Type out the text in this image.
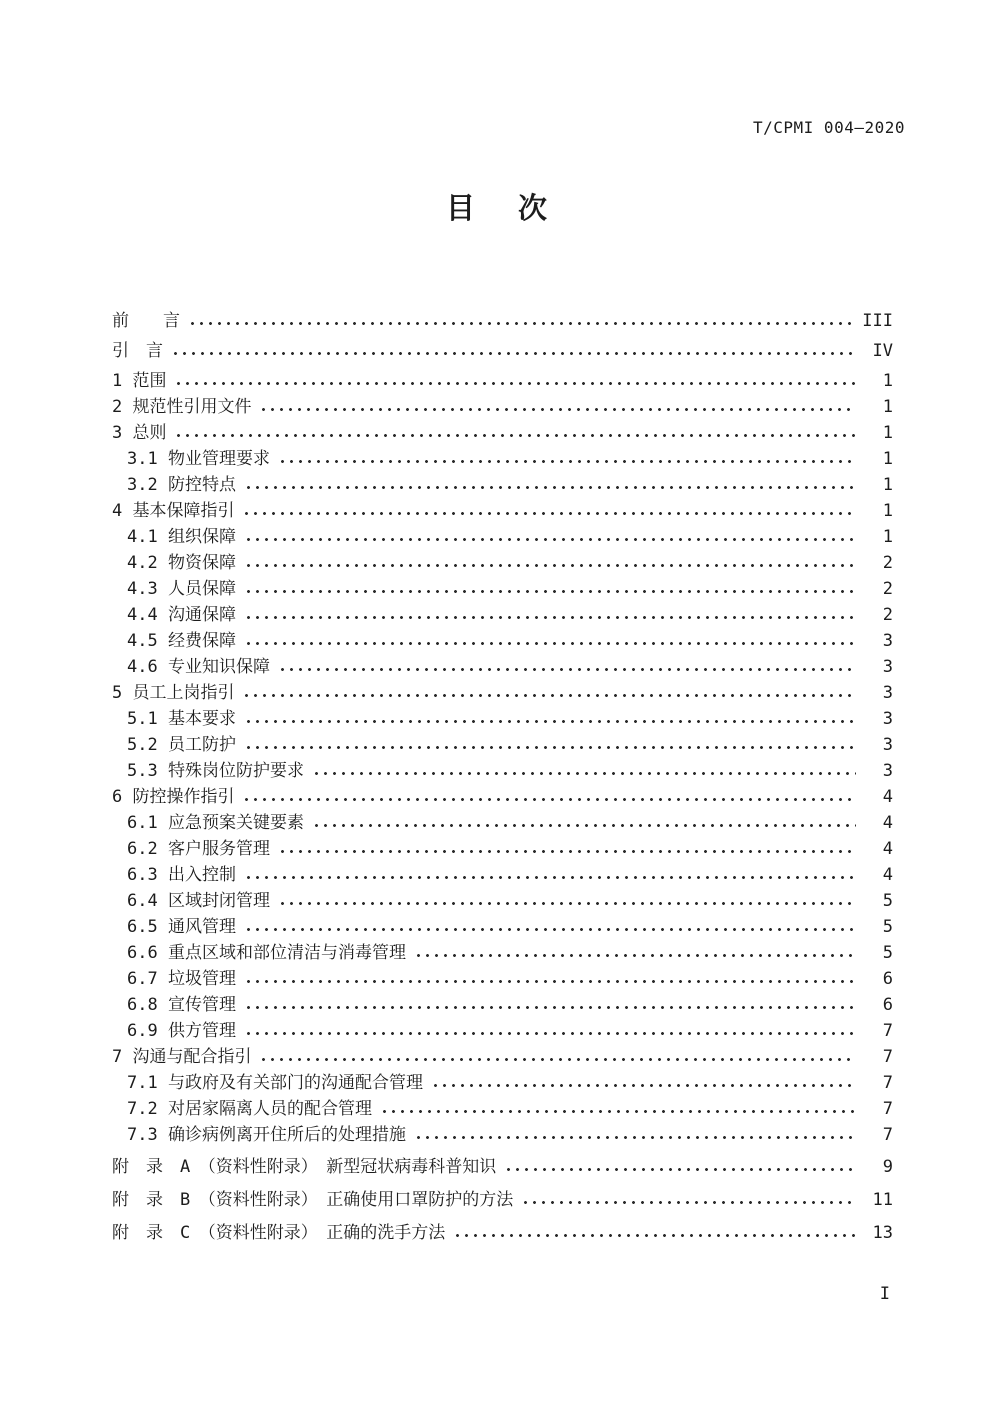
T/CPMI 004—2020
目　次
前　　言	III
引　言	IV
1 范围	1
2 规范性引用文件	1
3 总则	1
3.1 物业管理要求	1
3.2 防控特点	1
4 基本保障指引	1
4.1 组织保障	1
4.2 物资保障	2
4.3 人员保障	2
4.4 沟通保障	2
4.5 经费保障	3
4.6 专业知识保障	3
5 员工上岗指引	3
5.1 基本要求	3
5.2 员工防护	3
5.3 特殊岗位防护要求	3
6 防控操作指引	4
6.1 应急预案关键要素	4
6.2 客户服务管理	4
6.3 出入控制	4
6.4 区域封闭管理	5
6.5 通风管理	5
6.6 重点区域和部位清洁与消毒管理	5
6.7 垃圾管理	6
6.8 宣传管理	6
6.9 供方管理	7
7 沟通与配合指引	7
7.1 与政府及有关部门的沟通配合管理	7
7.2 对居家隔离人员的配合管理	7
7.3 确诊病例离开住所后的处理措施	7
附　录　A　（资料性附录）　新型冠状病毒科普知识	9
附　录　B　（资料性附录）　正确使用口罩防护的方法	11
附　录　C　（资料性附录）　正确的洗手方法	13
I
